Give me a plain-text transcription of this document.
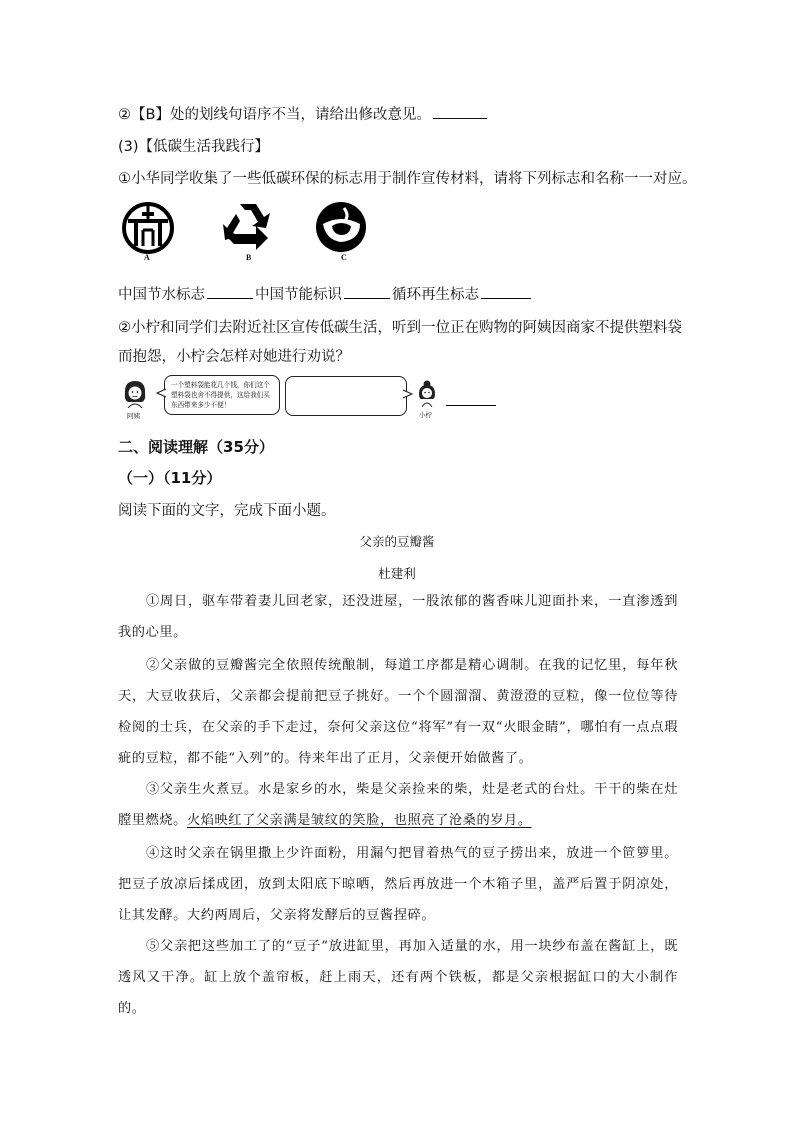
②【B】处的划线句语序不当，请给出修改意见。
(3)【低碳生活我践行】
①小华同学收集了一些低碳环保的标志用于制作宣传材料，请将下列标志和名称一一对应。
A	B	C
中国节水标志	中国节能标识	循环再生标志
②小柠和同学们去附近社区宣传低碳生活，听到一位正在购物的阿姨因商家不提供塑料袋
而抱怨，小柠会怎样对她进行劝说？
阿姨
一个塑料袋能花几个钱，你们这个塑料袋也舍不得提供，这给我们买东西带来多少不便！
小柠
二、阅读理解（35分）
（一）（11分）
阅读下面的文字，完成下面小题。
父亲的豆瓣酱
杜建利
①周日，驱车带着妻儿回老家，还没进屋，一股浓郁的酱香味儿迎面扑来，一直渗透到我的心里。
②父亲做的豆瓣酱完全依照传统酿制，每道工序都是精心调制。在我的记忆里，每年秋天，大豆收获后，父亲都会提前把豆子挑好。一个个圆溜溜、黄澄澄的豆粒，像一位位等待检阅的士兵，在父亲的手下走过，奈何父亲这位“将军”有一双“火眼金睛”，哪怕有一点点瑕疵的豆粒，都不能“入列”的。待来年出了正月，父亲便开始做酱了。
③父亲生火煮豆。水是家乡的水，柴是父亲捡来的柴，灶是老式的台灶。干干的柴在灶膛里燃烧。火焰映红了父亲满是皱纹的笑脸，也照亮了沧桑的岁月。
④这时父亲在锅里撒上少许面粉，用漏勺把冒着热气的豆子捞出来，放进一个笸箩里。把豆子放凉后揉成团，放到太阳底下晾晒，然后再放进一个木箱子里，盖严后置于阴凉处，让其发酵。大约两周后，父亲将发酵后的豆酱捏碎。
⑤父亲把这些加工了的“豆子”放进缸里，再加入适量的水，用一块纱布盖在酱缸上，既透风又干净。缸上放个盖帘板，赶上雨天，还有两个铁板，都是父亲根据缸口的大小制作的。
